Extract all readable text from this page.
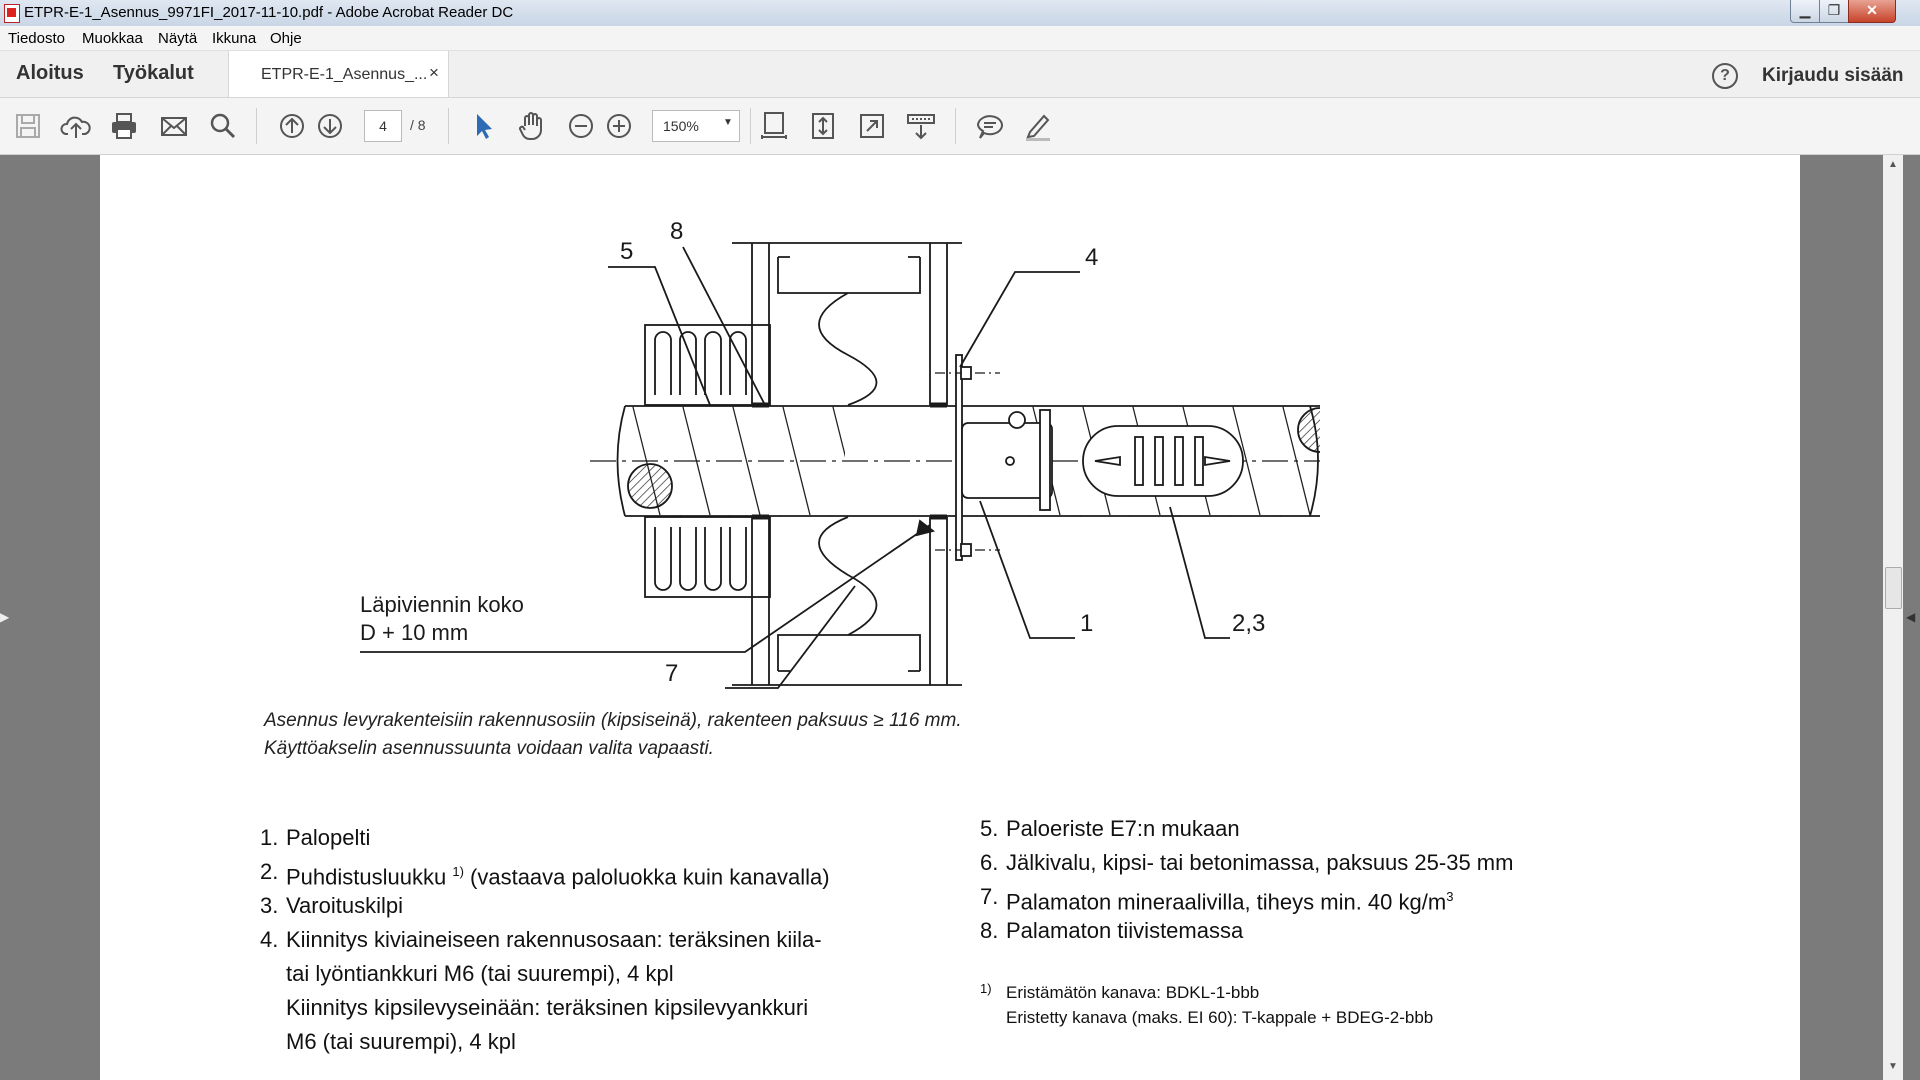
ETPR-E-1_Asennus_9971FI_2017-11-10.pdf - Adobe Acrobat Reader DC	▁	❐	✕
Tiedosto Muokkaa Näytä Ikkuna Ohje
Aloitus Työkalut	ETPR-E-1_Asennus_... ×	?	Kirjaudu sisään
4	/ 8	150% ▼
▶
5
8
4
1	2,3
7
Läpiviennin koko
D + 10 mm
Asennus levyrakenteisiin rakennusosiin (kipsiseinä), rakenteen paksuus ≥ 116 mm.
Käyttöakselin asennussuunta voidaan valita vapaasti.
1. Palopelti
2. Puhdistusluukku $^{1)}$ (vastaava paloluokka kuin kanavalla)
3. Varoituskilpi
4. Kiinnitys kiviaineiseen rakennusosaan: teräksinen kiila-
tai lyöntiankkuri M6 (tai suurempi), 4 kpl
Kiinnitys kipsilevyseinään: teräksinen kipsilevyankkuri
M6 (tai suurempi), 4 kpl
5. Paloeriste E7:n mukaan
6. Jälkivalu, kipsi- tai betonimassa, paksuus 25-35 mm
7. Palamaton mineraalivilla, tiheys min. 40 $kg/m^3$
8. Palamaton tiivistemassa
1) Eristämätön kanava: BDKL-1-bbb
Eristetty kanava (maks. EI 60): T-kappale + BDEG-2-bbb
◀
▲
▼
